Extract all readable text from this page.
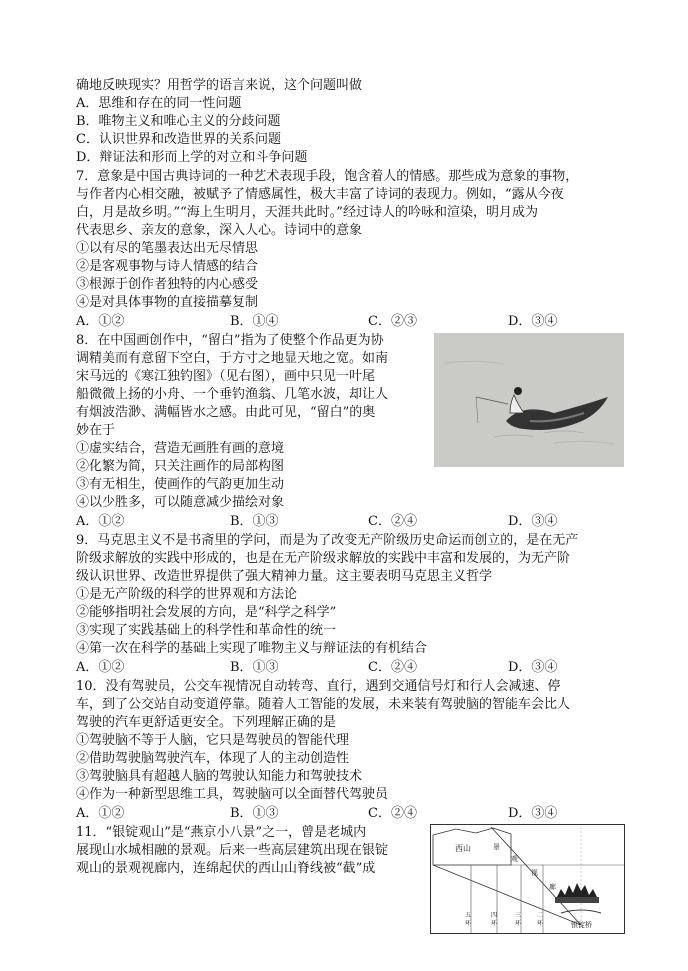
确地反映现实？用哲学的语言来说，这个问题叫做
A．思维和存在的同一性问题
B．唯物主义和唯心主义的分歧问题
C．认识世界和改造世界的关系问题
D．辩证法和形而上学的对立和斗争问题
7．意象是中国古典诗词的一种艺术表现手段，饱含着人的情感。那些成为意象的事物，
与作者内心相交融，被赋予了情感属性，极大丰富了诗词的表现力。例如，“露从今夜
白，月是故乡明。”“海上生明月，天涯共此时。”经过诗人的吟咏和渲染，明月成为
代表思乡、亲友的意象，深入人心。诗词中的意象
①以有尽的笔墨表达出无尽情思
②是客观事物与诗人情感的结合
③根源于创作者独特的内心感受
④是对具体事物的直接描摹复制
A．①②	B．①④	C．②③	D．③④
8．在中国画创作中，“留白”指为了使整个作品更为协
调精美而有意留下空白，于方寸之地显天地之宽。如南
宋马远的《寒江独钓图》（见右图），画中只见一叶尾
船微微上扬的小舟、一个垂钓渔翁、几笔水波，却让人
有烟波浩渺、满幅皆水之感。由此可见，“留白”的奥
妙在于
①虚实结合，营造无画胜有画的意境
②化繁为简，只关注画作的局部构图
③有无相生，使画作的气韵更加生动
④以少胜多，可以随意减少描绘对象
A．①②	B．①③	C．②④	D．③④
9．马克思主义不是书斋里的学问，而是为了改变无产阶级历史命运而创立的，是在无产
阶级求解放的实践中形成的，也是在无产阶级求解放的实践中丰富和发展的，为无产阶
级认识世界、改造世界提供了强大精神力量。这主要表明马克思主义哲学
①是无产阶级的科学的世界观和方法论
②能够指明社会发展的方向，是“科学之科学”
③实现了实践基础上的科学性和革命性的统一
④第一次在科学的基础上实现了唯物主义与辩证法的有机结合
A．①②	B．①③	C．②④	D．③④
10．没有驾驶员，公交车视情况自动转弯、直行，遇到交通信号灯和行人会减速、停
车，到了公交站自动变道停靠。随着人工智能的发展，未来装有驾驶脑的智能车会比人
驾驶的汽车更舒适更安全。下列理解正确的是
①驾驶脑不等于人脑，它只是驾驶员的智能代理
②借助驾驶脑驾驶汽车，体现了人的主动创造性
③驾驶脑具有超越人脑的驾驶认知能力和驾驶技术
④作为一种新型思维工具，驾驶脑可以全面替代驾驶员
A．①②	B．①③	C．②④	D．③④
11．“银锭观山”是“燕京小八景”之一，曾是老城内
展现山水城相融的景观。后来一些高层建筑出现在银锭
观山的景观视廊内，连绵起伏的西山山脊线被“截”成
西山	景
观
视
廊
五
环
四
环
三
环
二
环	银锭桥
